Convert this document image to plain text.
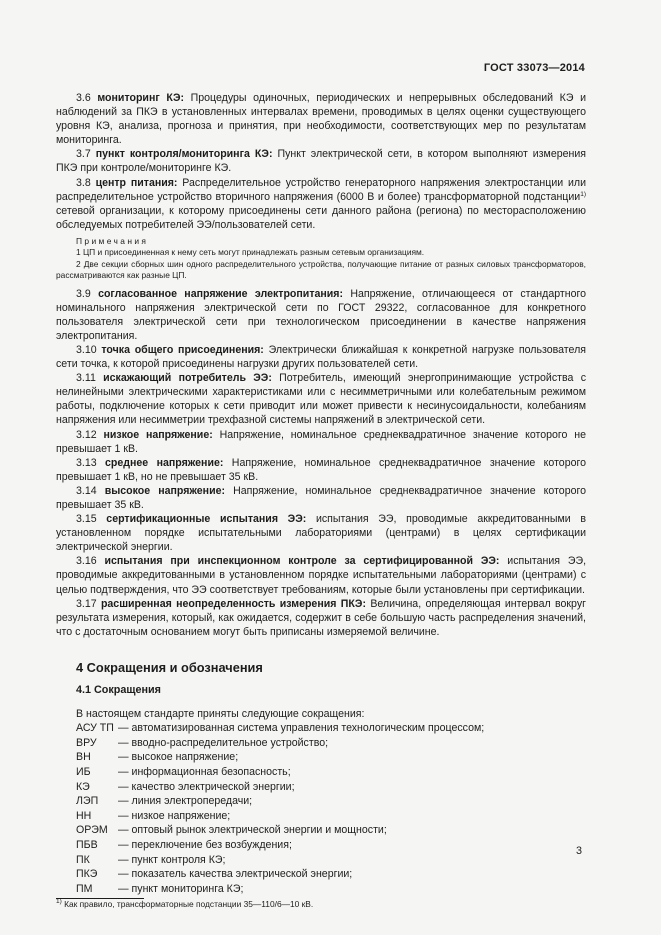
ГОСТ 33073—2014

3.6 мониторинг КЭ: Процедуры одиночных, периодических и непрерывных обследований КЭ и наблюдений за ПКЭ в установленных интервалах времени, проводимых в целях оценки существующего уровня КЭ, анализа, прогноза и принятия, при необходимости, соответствующих мер по результатам мониторинга.

3.7 пункт контроля/мониторинга КЭ: Пункт электрической сети, в котором выполняют измерения ПКЭ при контроле/мониторинге КЭ.

3.8 центр питания: Распределительное устройство генераторного напряжения электростанции или распределительное устройство вторичного напряжения (6000 В и более) трансформаторной подстанции$^{1)}$ сетевой организации, к которому присоединены сети данного района (региона) по месторасположению обследуемых потребителей ЭЭ/пользователей сети.

Примечания

1 ЦП и присоединенная к нему сеть могут принадлежать разным сетевым организациям.

2 Две секции сборных шин одного распределительного устройства, получающие питание от разных силовых трансформаторов, рассматриваются как разные ЦП.

3.9 согласованное напряжение электропитания: Напряжение, отличающееся от стандартного номинального напряжения электрической сети по ГОСТ 29322, согласованное для конкретного пользователя электрической сети при технологическом присоединении в качестве напряжения электропитания.

3.10 точка общего присоединения: Электрически ближайшая к конкретной нагрузке пользователя сети точка, к которой присоединены нагрузки других пользователей сети.

3.11 искажающий потребитель ЭЭ: Потребитель, имеющий энергопринимающие устройства с нелинейными электрическими характеристиками или с несимметричными или колебательным режимом работы, подключение которых к сети приводит или может привести к несинусоидальности, колебаниям напряжения или несимметрии трехфазной системы напряжений в электрической сети.

3.12 низкое напряжение: Напряжение, номинальное среднеквадратичное значение которого не превышает 1 кВ.

3.13 среднее напряжение: Напряжение, номинальное среднеквадратичное значение которого превышает 1 кВ, но не превышает 35 кВ.

3.14 высокое напряжение: Напряжение, номинальное среднеквадратичное значение которого превышает 35 кВ.

3.15 сертификационные испытания ЭЭ: испытания ЭЭ, проводимые аккредитованными в установленном порядке испытательными лабораториями (центрами) в целях сертификации электрической энергии.

3.16 испытания при инспекционном контроле за сертифицированной ЭЭ: испытания ЭЭ, проводимые аккредитованными в установленном порядке испытательными лабораториями (центрами) с целью подтверждения, что ЭЭ соответствует требованиям, которые были установлены при сертификации.

3.17 расширенная неопределенность измерения ПКЭ: Величина, определяющая интервал вокруг результата измерения, который, как ожидается, содержит в себе большую часть распределения значений, что с достаточным основанием могут быть приписаны измеряемой величине.

4 Сокращения и обозначения
4.1 Сокращения

В настоящем стандарте приняты следующие сокращения:

АСУ ТП — автоматизированная система управления технологическим процессом;
ВРУ	— вводно-распределительное устройство;
ВН	— высокое напряжение;
ИБ	— информационная безопасность;
КЭ	— качество электрической энергии;
ЛЭП	— линия электропередачи;
НН	— низкое напряжение;
ОРЭМ — оптовый рынок электрической энергии и мощности;
ПБВ	— переключение без возбуждения;
ПК	— пункт контроля КЭ;
ПКЭ	— показатель качества электрической энергии;
ПМ	— пункт мониторинга КЭ;

$^{1)}$ Как правило, трансформаторные подстанции 35—110/6—10 кВ.

3
